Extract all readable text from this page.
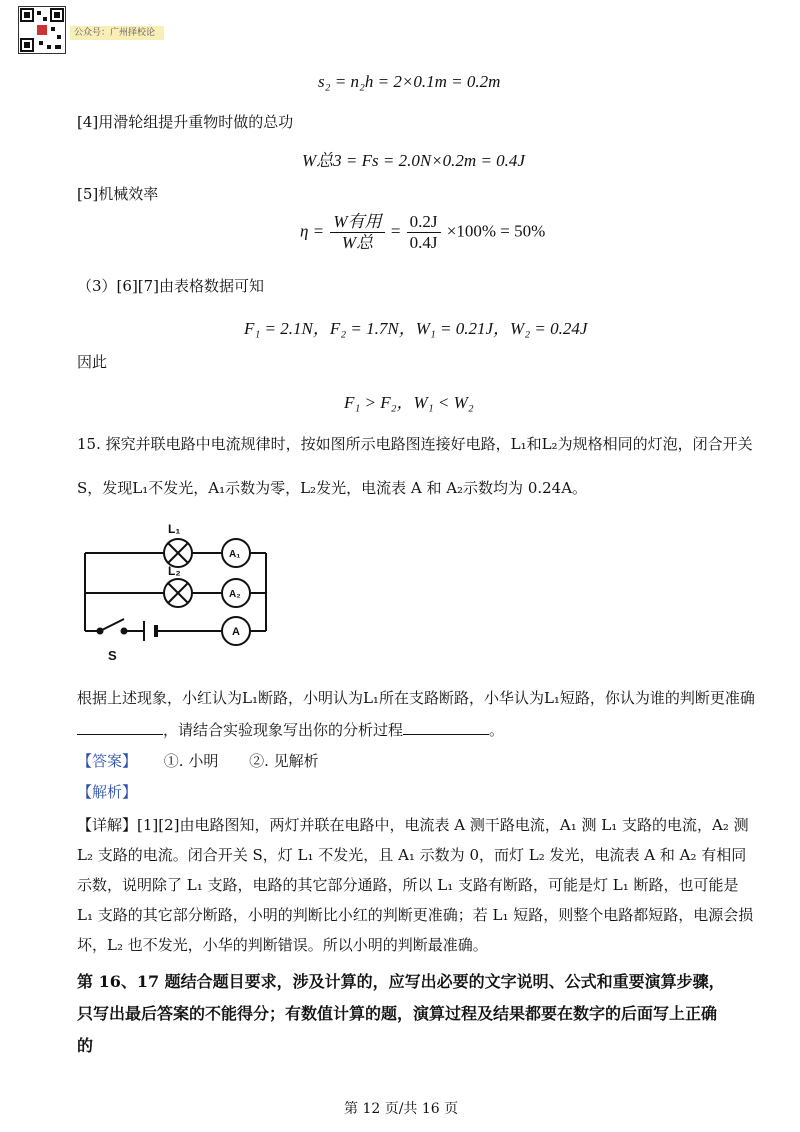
公众号：广州择校论
s₂ = n₂h = 2×0.1m = 0.2m
[4]用滑轮组提升重物时做的总功
W总3 = Fs = 2.0N×0.2m = 0.4J
[5]机械效率
$\eta = \frac{\text{W有用}}{\text{W总}} = \frac{0.2J}{0.4J} \times 100\% = 50\%$
（3）[6][7]由表格数据可知
F₁ = 2.1N，F₂ = 1.7N，W₁ = 0.21J，W₂ = 0.24J
因此
F₁ > F₂，W₁ < W₂
15. 探究并联电路中电流规律时，按如图所示电路图连接好电路，L₁和L₂为规格相同的灯泡，闭合开关
S，发现L₁不发光，A₁示数为零，L₂发光，电流表 A 和 A₂示数均为 0.24A。
L₁
L₂
A₁
A₂
A
S
根据上述现象，小红认为L₁断路，小明认为L₁所在支路断路，小华认为L₁短路，你认为谁的判断更准确
，请结合实验现象写出你的分析过程	。
【答案】 ①. 小明 ②. 见解析
【解析】
【详解】[1][2]由电路图知，两灯并联在电路中，电流表 A 测干路电流，A₁ 测 L₁ 支路的电流，A₂ 测 L₂ 支路的电流。闭合开关 S，灯 L₁ 不发光，且 A₁ 示数为 0，而灯 L₂ 发光，电流表 A 和 A₂ 有相同示数，说明除了 L₁ 支路，电路的其它部分通路，所以 L₁ 支路有断路，可能是灯 L₁ 断路，也可能是 L₁ 支路的其它部分断路，小明的判断比小红的判断更准确；若 L₁ 短路，则整个电路都短路，电源会损坏，L₂ 也不发光，小华的判断错误。所以小明的判断最准确。
第 16、17 题结合题目要求，涉及计算的，应写出必要的文字说明、公式和重要演算步骤，只写出最后答案的不能得分；有数值计算的题，演算过程及结果都要在数字的后面写上正确的
第 12 页/共 16 页
